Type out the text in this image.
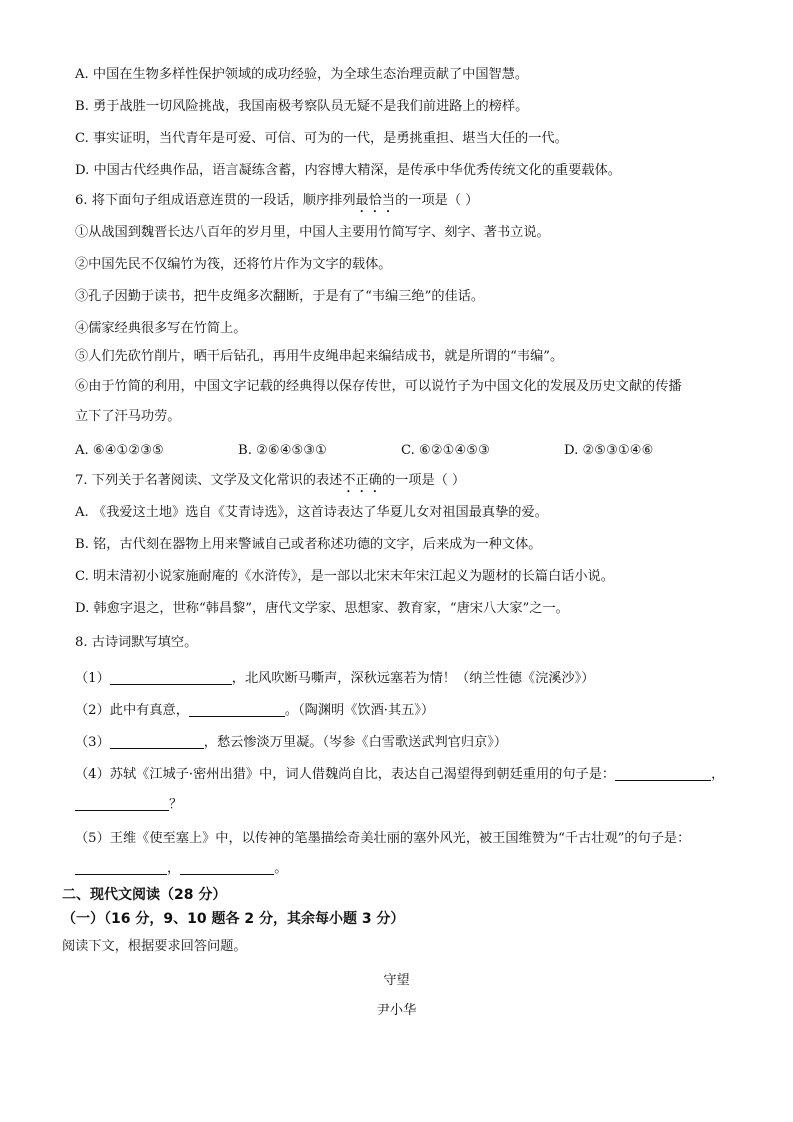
A. 中国在生物多样性保护领域的成功经验，为全球生态治理贡献了中国智慧。
B. 勇于战胜一切风险挑战，我国南极考察队员无疑不是我们前进路上的榜样。
C. 事实证明，当代青年是可爱、可信、可为的一代，是勇挑重担、堪当大任的一代。
D. 中国古代经典作品，语言凝练含蓄，内容博大精深，是传承中华优秀传统文化的重要载体。
6. 将下面句子组成语意连贯的一段话，顺序排列最恰当的一项是（ ）
①从战国到魏晋长达八百年的岁月里，中国人主要用竹简写字、刻字、著书立说。
②中国先民不仅编竹为筏，还将竹片作为文字的载体。
③孔子因勤于读书，把牛皮绳多次翻断，于是有了“韦编三绝”的佳话。
④儒家经典很多写在竹简上。
⑤人们先砍竹削片，晒干后钻孔，再用牛皮绳串起来编结成书，就是所谓的“韦编”。
⑥由于竹简的利用，中国文字记载的经典得以保存传世，可以说竹子为中国文化的发展及历史文献的传播
立下了汗马功劳。
A. ⑥④①②③⑤	B. ②⑥④⑤③①	C. ⑥②①④⑤③	D. ②⑤③①④⑥
7. 下列关于名著阅读、文学及文化常识的表述不正确的一项是（ ）
A. 《我爱这土地》选自《艾青诗选》，这首诗表达了华夏儿女对祖国最真挚的爱。
B. 铭，古代刻在器物上用来警诫自己或者称述功德的文字，后来成为一种文体。
C. 明末清初小说家施耐庵的《水浒传》，是一部以北宋末年宋江起义为题材的长篇白话小说。
D. 韩愈字退之，世称“韩昌黎”，唐代文学家、思想家、教育家，“唐宋八大家”之一。
8. 古诗词默写填空。
（1）	，北风吹断马嘶声，深秋远塞若为情！（纳兰性德《浣溪沙》）
（2）此中有真意，	。（陶渊明《饮酒·其五》）
（3）	，愁云惨淡万里凝。（岑参《白雪歌送武判官归京》）
（4）苏轼《江城子·密州出猎》中，词人借魏尚自比，表达自己渴望得到朝廷重用的句子是：	，
？
（5）王维《使至塞上》中，以传神的笔墨描绘奇美壮丽的塞外风光，被王国维赞为“千古壮观”的句子是：
，	。
二、现代文阅读（28 分）
（一）（16 分，9、10 题各 2 分，其余每小题 3 分）
阅读下文，根据要求回答问题。
守望
尹小华
